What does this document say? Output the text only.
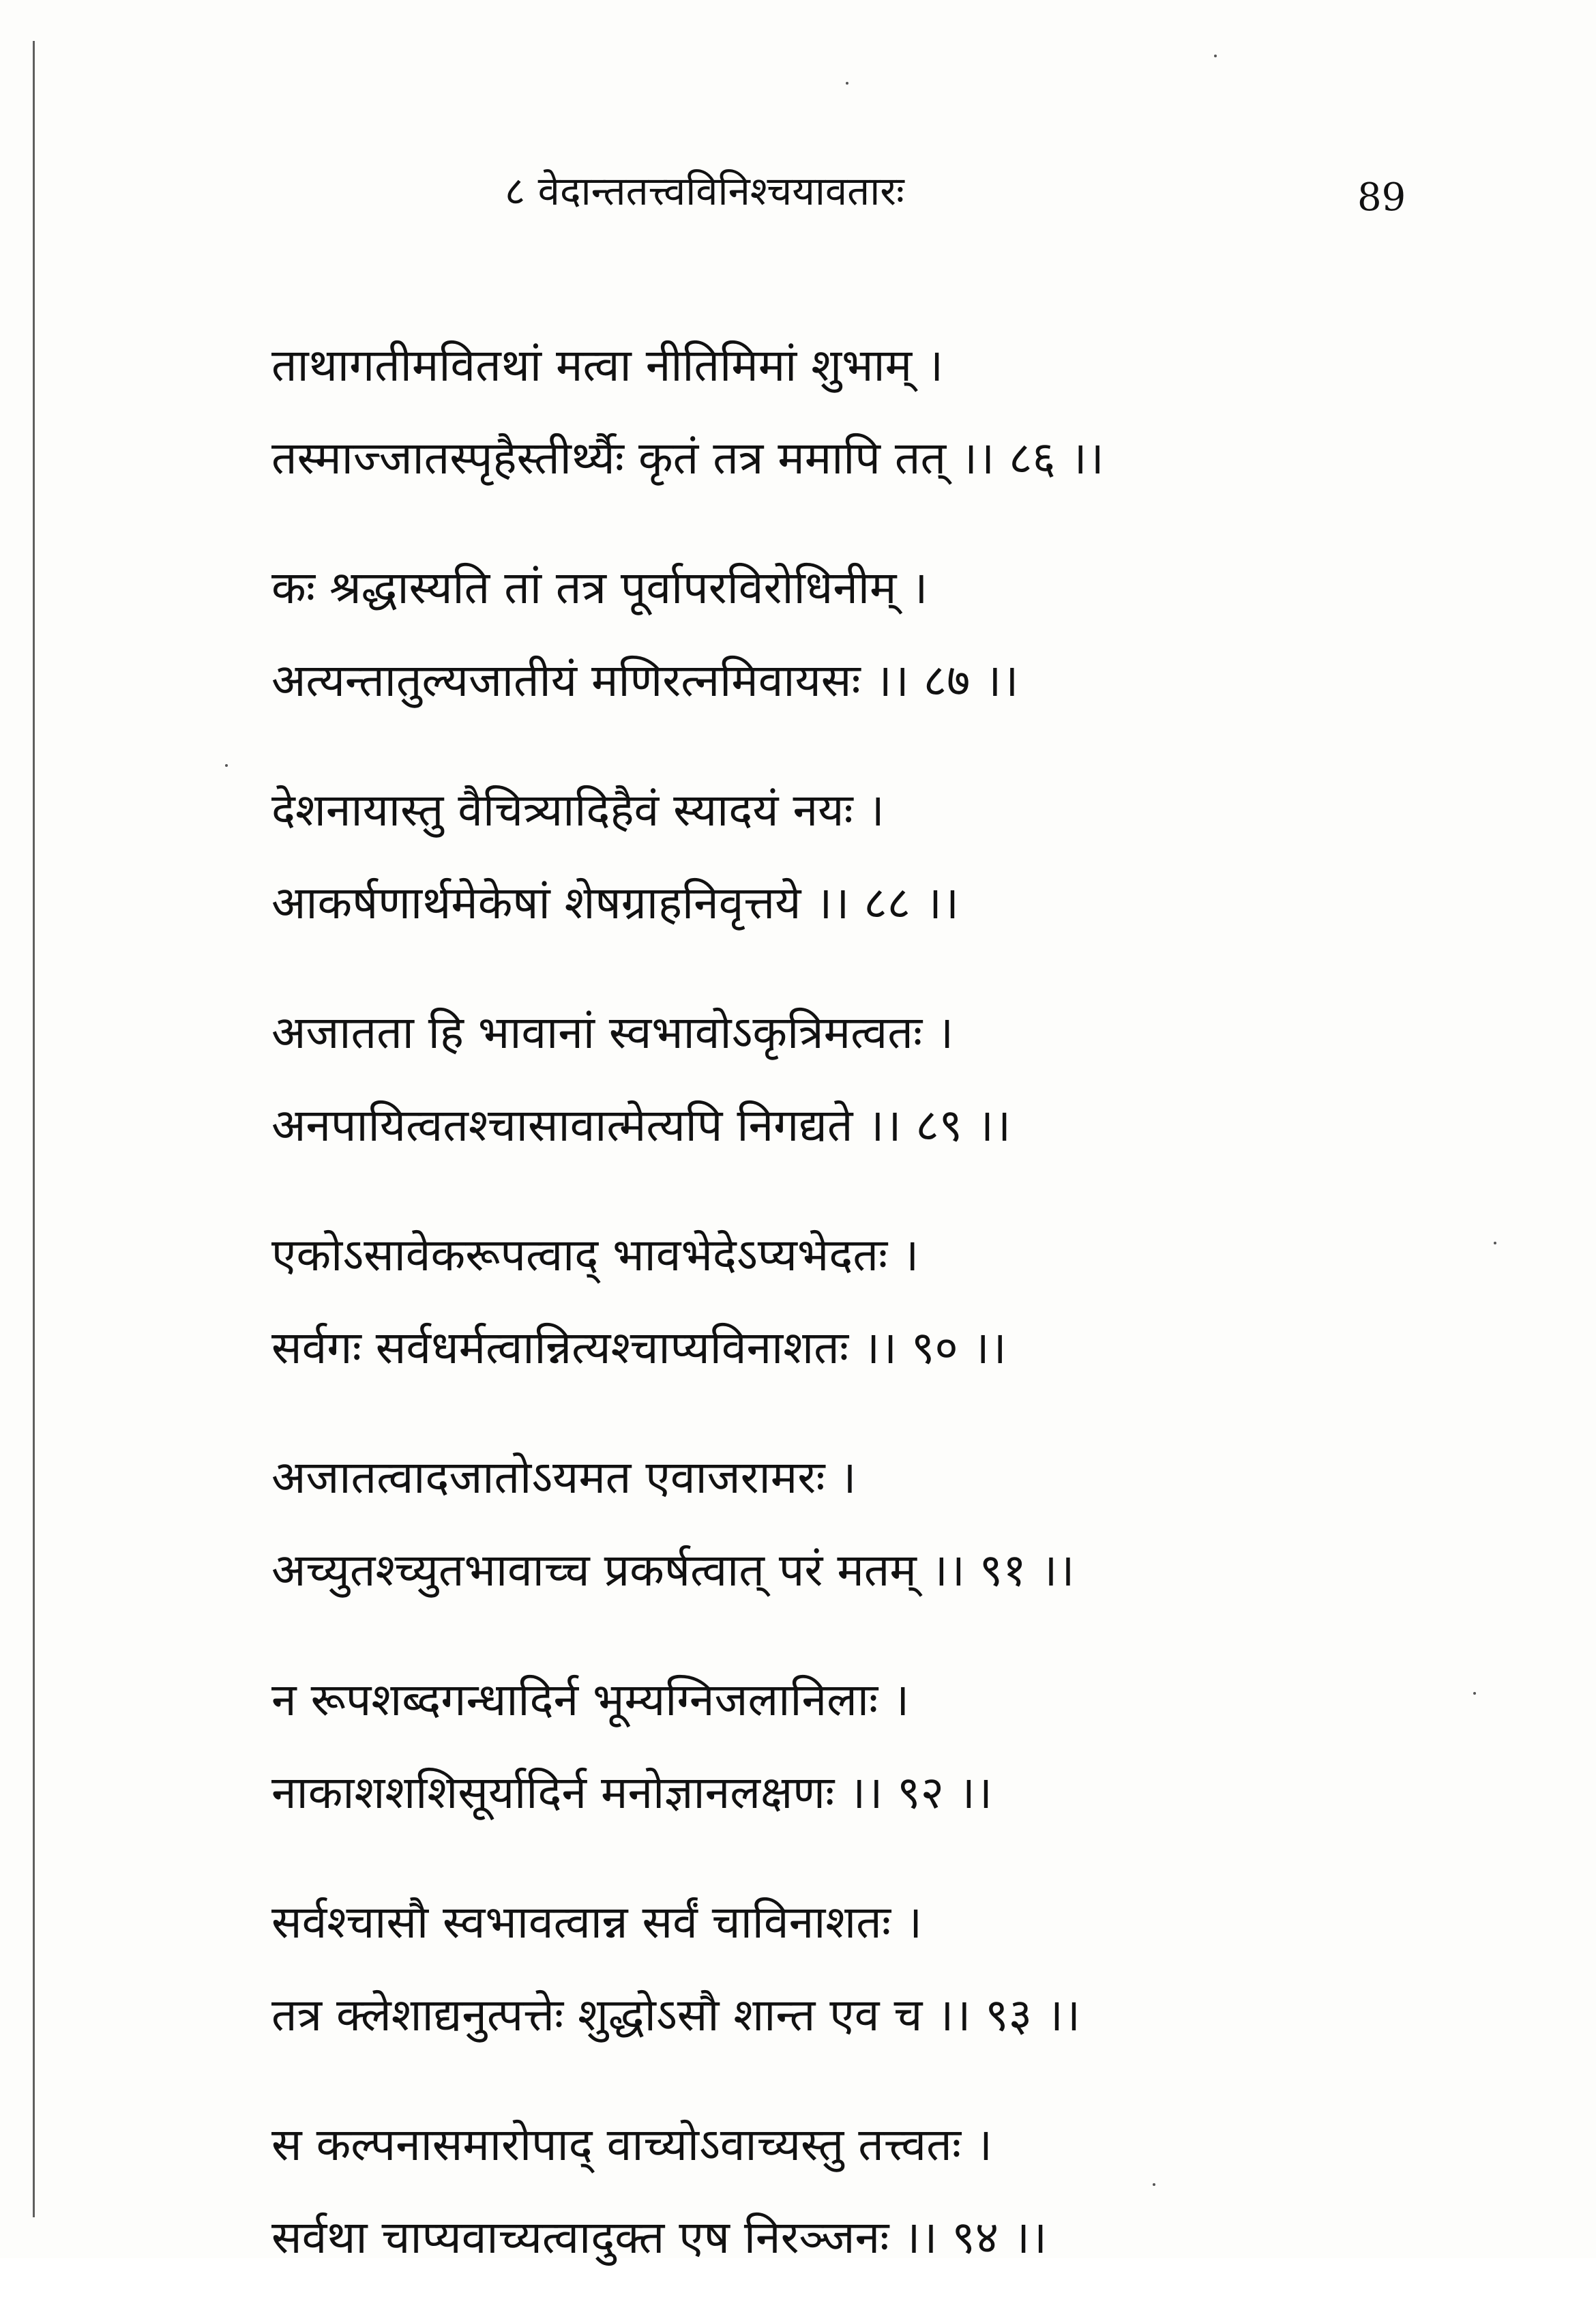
८ वेदान्ततत्त्वविनिश्चयावतारः	89
ताथागतीमवितथां मत्वा नीतिमिमां शुभाम् ।
तस्माज्जातस्पृहैस्तीर्थ्यैः कृतं तत्र ममापि तत् ।। ८६ ।।
कः श्रद्धास्यति तां तत्र पूर्वापरविरोधिनीम् ।
अत्यन्तातुल्यजातीयं मणिरत्नमिवायसः ।। ८७ ।।
देशनायास्तु वैचित्र्यादिहैवं स्यादयं नयः ।
आकर्षणार्थमेकेषां शेषग्राहनिवृत्तये ।। ८८ ।।
अजातता हि भावानां स्वभावोऽकृत्रिमत्वतः ।
अनपायित्वतश्चासावात्मेत्यपि निगद्यते ।। ८९ ।।
एकोऽसावेकरूपत्वाद् भावभेदेऽप्यभेदतः ।
सर्वगः सर्वधर्मत्वान्नित्यश्चाप्यविनाशतः ।। ९० ।।
अजातत्वादजातोऽयमत एवाजरामरः ।
अच्युतश्च्युतभावाच्च प्रकर्षत्वात् परं मतम् ।। ९१ ।।
न रूपशब्दगन्धादिर्न भूम्यग्निजलानिलाः ।
नाकाशशशिसूर्यादिर्न मनोज्ञानलक्षणः ।। ९२ ।।
सर्वश्चासौ स्वभावत्वान्न सर्वं चाविनाशतः ।
तत्र क्लेशाद्यनुत्पत्तेः शुद्धोऽसौ शान्त एव च ।। ९३ ।।
स कल्पनासमारोपाद् वाच्योऽवाच्यस्तु तत्त्वतः ।
सर्वथा चाप्यवाच्यत्वादुक्त एष निरञ्जनः ।। ९४ ।।
